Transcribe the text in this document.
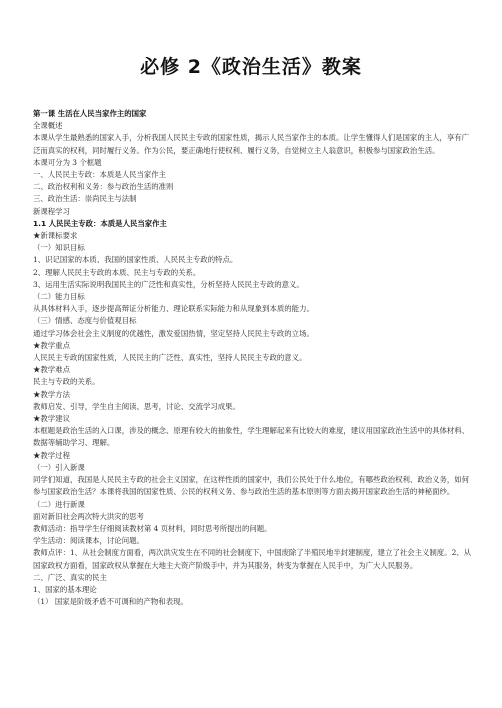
必修 2《政治生活》教案

第一课 生活在人民当家作主的国家

全课概述

本课从学生最熟悉的国家入手，分析我国人民民主专政的国家性质，揭示人民当家作主的本质。让学生懂得人们是国家的主人，享有广泛而真实的权利，同时履行义务。作为公民，要正确地行使权利、履行义务，自觉树立主人翁意识，积极参与国家政治生活。

本课可分为 3 个框题

一、人民民主专政：本质是人民当家作主

二、政治权利和义务：参与政治生活的准则

三、政治生活：崇尚民主与法制

新课程学习

1.1 人民民主专政：本质是人民当家作主

★新课标要求

（一）知识目标

1、识记国家的本质、我国的国家性质、人民民主专政的特点。

2、理解人民民主专政的本质、民主与专政的关系。

3、运用生活实际说明我国民主的广泛性和真实性，分析坚持人民民主专政的意义。

（二）能力目标

从具体材料入手，逐步提高辩证分析能力、理论联系实际能力和从现象到本质的能力。

（三）情感、态度与价值观目标

通过学习体会社会主义制度的优越性，激发爱国热情，坚定坚持人民民主专政的立场。

★教学重点

人民民主专政的国家性质，人民民主的广泛性、真实性，坚持人民民主专政的意义。

★教学难点

民主与专政的关系。

★教学方法

教师启发、引导，学生自主阅读、思考，讨论、交流学习成果。

★教学建议

本框题是政治生活的入口课，涉及的概念、原理有较大的抽象性，学生理解起来有比较大的难度，建议用国家政治生活中的具体材料、数据等辅助学习、理解。

★教学过程

（一）引入新课

同学们知道，我国是人民民主专政的社会主义国家，在这样性质的国家中，我们公民处于什么地位，有哪些政治权利、政治义务，如何参与国家政治生活？本课将我国的国家性质、公民的权利义务、参与政治生活的基本原则等方面去揭开国家政治生活的神秘面纱。

（二）进行新课

面对新旧社会两次特大洪灾的思考

教师活动：指导学生仔细阅读教材第 4 页材料，同时思考所提出的问题。

学生活动：阅读课本，讨论问题。

教师点评：1、从社会制度方面看，两次洪灾发生在不同的社会制度下，中国废除了半殖民地半封建制度，建立了社会主义制度。2、从国家政权方面看，国家政权从掌握在大地主大资产阶级手中，并为其服务，转变为掌握在人民手中，为广大人民服务。

二、广泛、真实的民主

1、国家的基本理论

（1） 国家是阶级矛盾不可调和的产物和表现。
